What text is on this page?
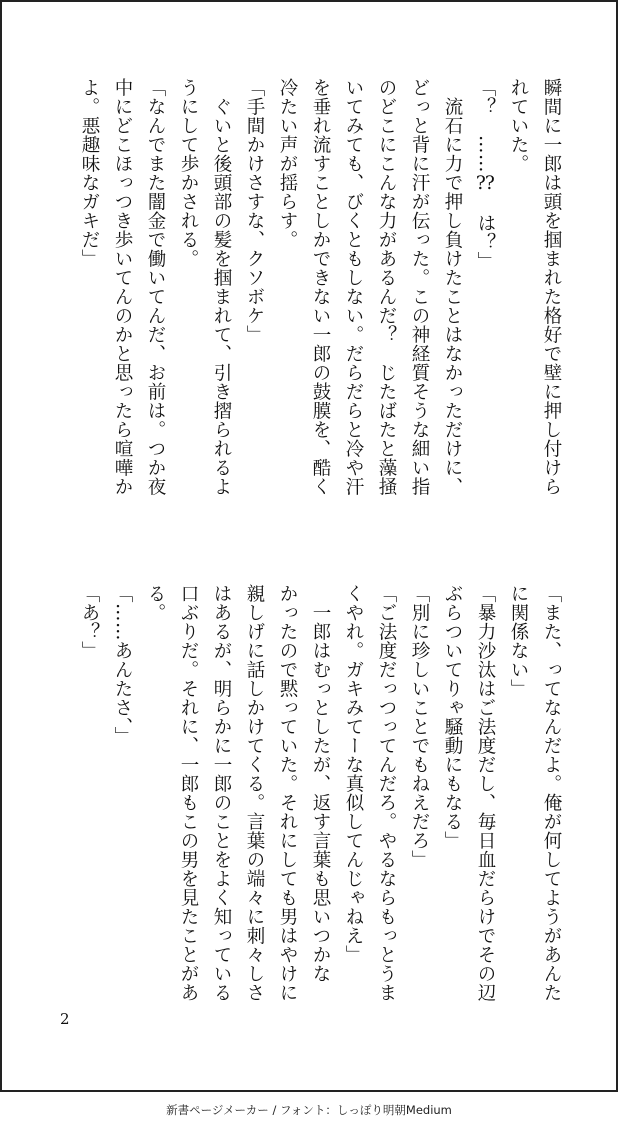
瞬間に一郎は頭を掴まれた格好で壁に押し付けら
れていた。
「？　……⁇　は？」
　流石に力で押し負けたことはなかっただけに、
どっと背に汗が伝った。この神経質そうな細い指
のどこにこんな力があるんだ？　じたばたと藻掻
いてみても、びくともしない。だらだらと冷や汗
を垂れ流すことしかできない一郎の鼓膜を、酷く
冷たい声が揺らす。
「手間かけさすな、クソボケ」
　ぐいと後頭部の髪を掴まれて、引き摺られるよ
うにして歩かされる。
「なんでまた闇金で働いてんだ、お前は。つか夜
中にどこほっつき歩いてんのかと思ったら喧嘩か
よ。悪趣味なガキだ」
「また、ってなんだよ。俺が何してようがあんた
に関係ない」
「暴力沙汰はご法度だし、毎日血だらけでその辺
ぶらついてりゃ騒動にもなる」
「別に珍しいことでもねえだろ」
「ご法度だっつってんだろ。やるならもっとうま
くやれ。ガキみてーな真似してんじゃねえ」
　一郎はむっとしたが、返す言葉も思いつかな
かったので黙っていた。それにしても男はやけに
親しげに話しかけてくる。言葉の端々に刺々しさ
はあるが、明らかに一郎のことをよく知っている
口ぶりだ。それに、一郎もこの男を見たことがあ
る。
「……あんたさ、」
「あ？」
2
新書ページメーカー / フォント：しっぽり明朝Medium
